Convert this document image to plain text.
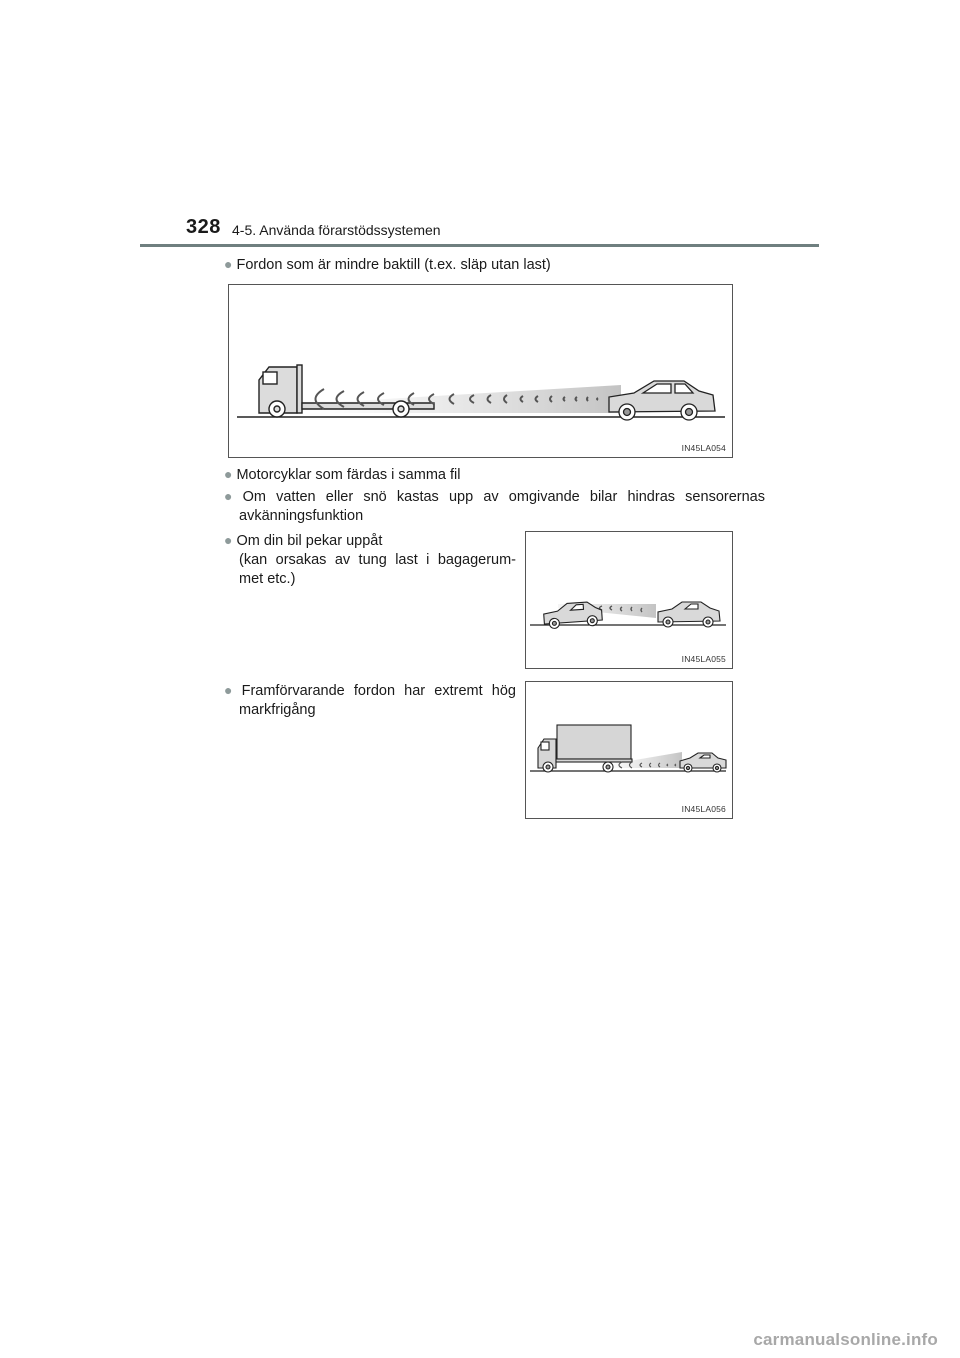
328 4-5. Använda förarstödssystemen
● Fordon som är mindre baktill (t.ex. släp utan last)
IN45LA054
● Motorcyklar som färdas i samma fil
● Om vatten eller snö kastas upp av omgivande bilar hindras sensorernas avkänningsfunktion
● Om din bil pekar uppåt
(kan orsakas av tung last i bagagerum-
met etc.)
IN45LA055
● Framförvarande fordon har extremt hög markfrigång
IN45LA056
carmanualsonline.info
